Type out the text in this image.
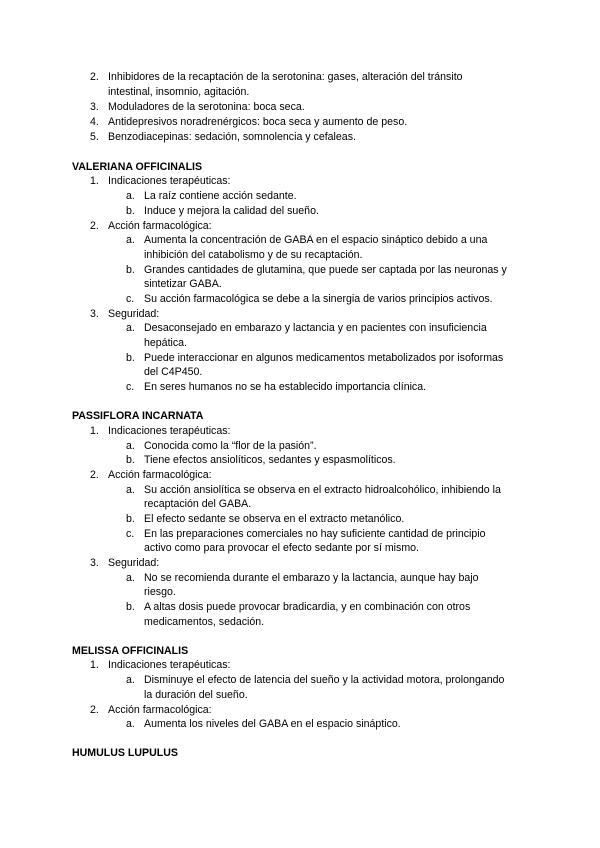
2. Inhibidores de la recaptación de la serotonina: gases, alteración del tránsito
intestinal, insomnio, agitación.
3. Moduladores de la serotonina: boca seca.
4. Antidepresivos noradrenérgicos: boca seca y aumento de peso.
5. Benzodiacepinas: sedación, somnolencia y cefaleas.
VALERIANA OFFICINALIS
1. Indicaciones terapéuticas:
a. La raíz contiene acción sedante.
b. Induce y mejora la calidad del sueño.
2. Acción farmacológica:
a. Aumenta la concentración de GABA en el espacio sináptico debido a una
inhibición del catabolismo y de su recaptación.
b. Grandes cantidades de glutamina, que puede ser captada por las neuronas y
sintetizar GABA.
c. Su acción farmacológica se debe a la sinergia de varios principios activos.
3. Seguridad:
a. Desaconsejado en embarazo y lactancia y en pacientes con insuficiencia
hepática.
b. Puede interaccionar en algunos medicamentos metabolizados por isoformas
del C4P450.
c. En seres humanos no se ha establecido importancia clínica.
PASSIFLORA INCARNATA
1. Indicaciones terapéuticas:
a. Conocida como la “flor de la pasión”.
b. Tiene efectos ansiolíticos, sedantes y espasmolíticos.
2. Acción farmacológica:
a. Su acción ansiolítica se observa en el extracto hidroalcohólico, inhibiendo la
recaptación del GABA.
b. El efecto sedante se observa en el extracto metanólico.
c. En las preparaciones comerciales no hay suficiente cantidad de principio
activo como para provocar el efecto sedante por sí mismo.
3. Seguridad:
a. No se recomienda durante el embarazo y la lactancia, aunque hay bajo
riesgo.
b. A altas dosis puede provocar bradicardia, y en combinación con otros
medicamentos, sedación.
MELISSA OFFICINALIS
1. Indicaciones terapéuticas:
a. Disminuye el efecto de latencia del sueño y la actividad motora, prolongando
la duración del sueño.
2. Acción farmacológica:
a. Aumenta los niveles del GABA en el espacio sináptico.
HUMULUS LUPULUS
